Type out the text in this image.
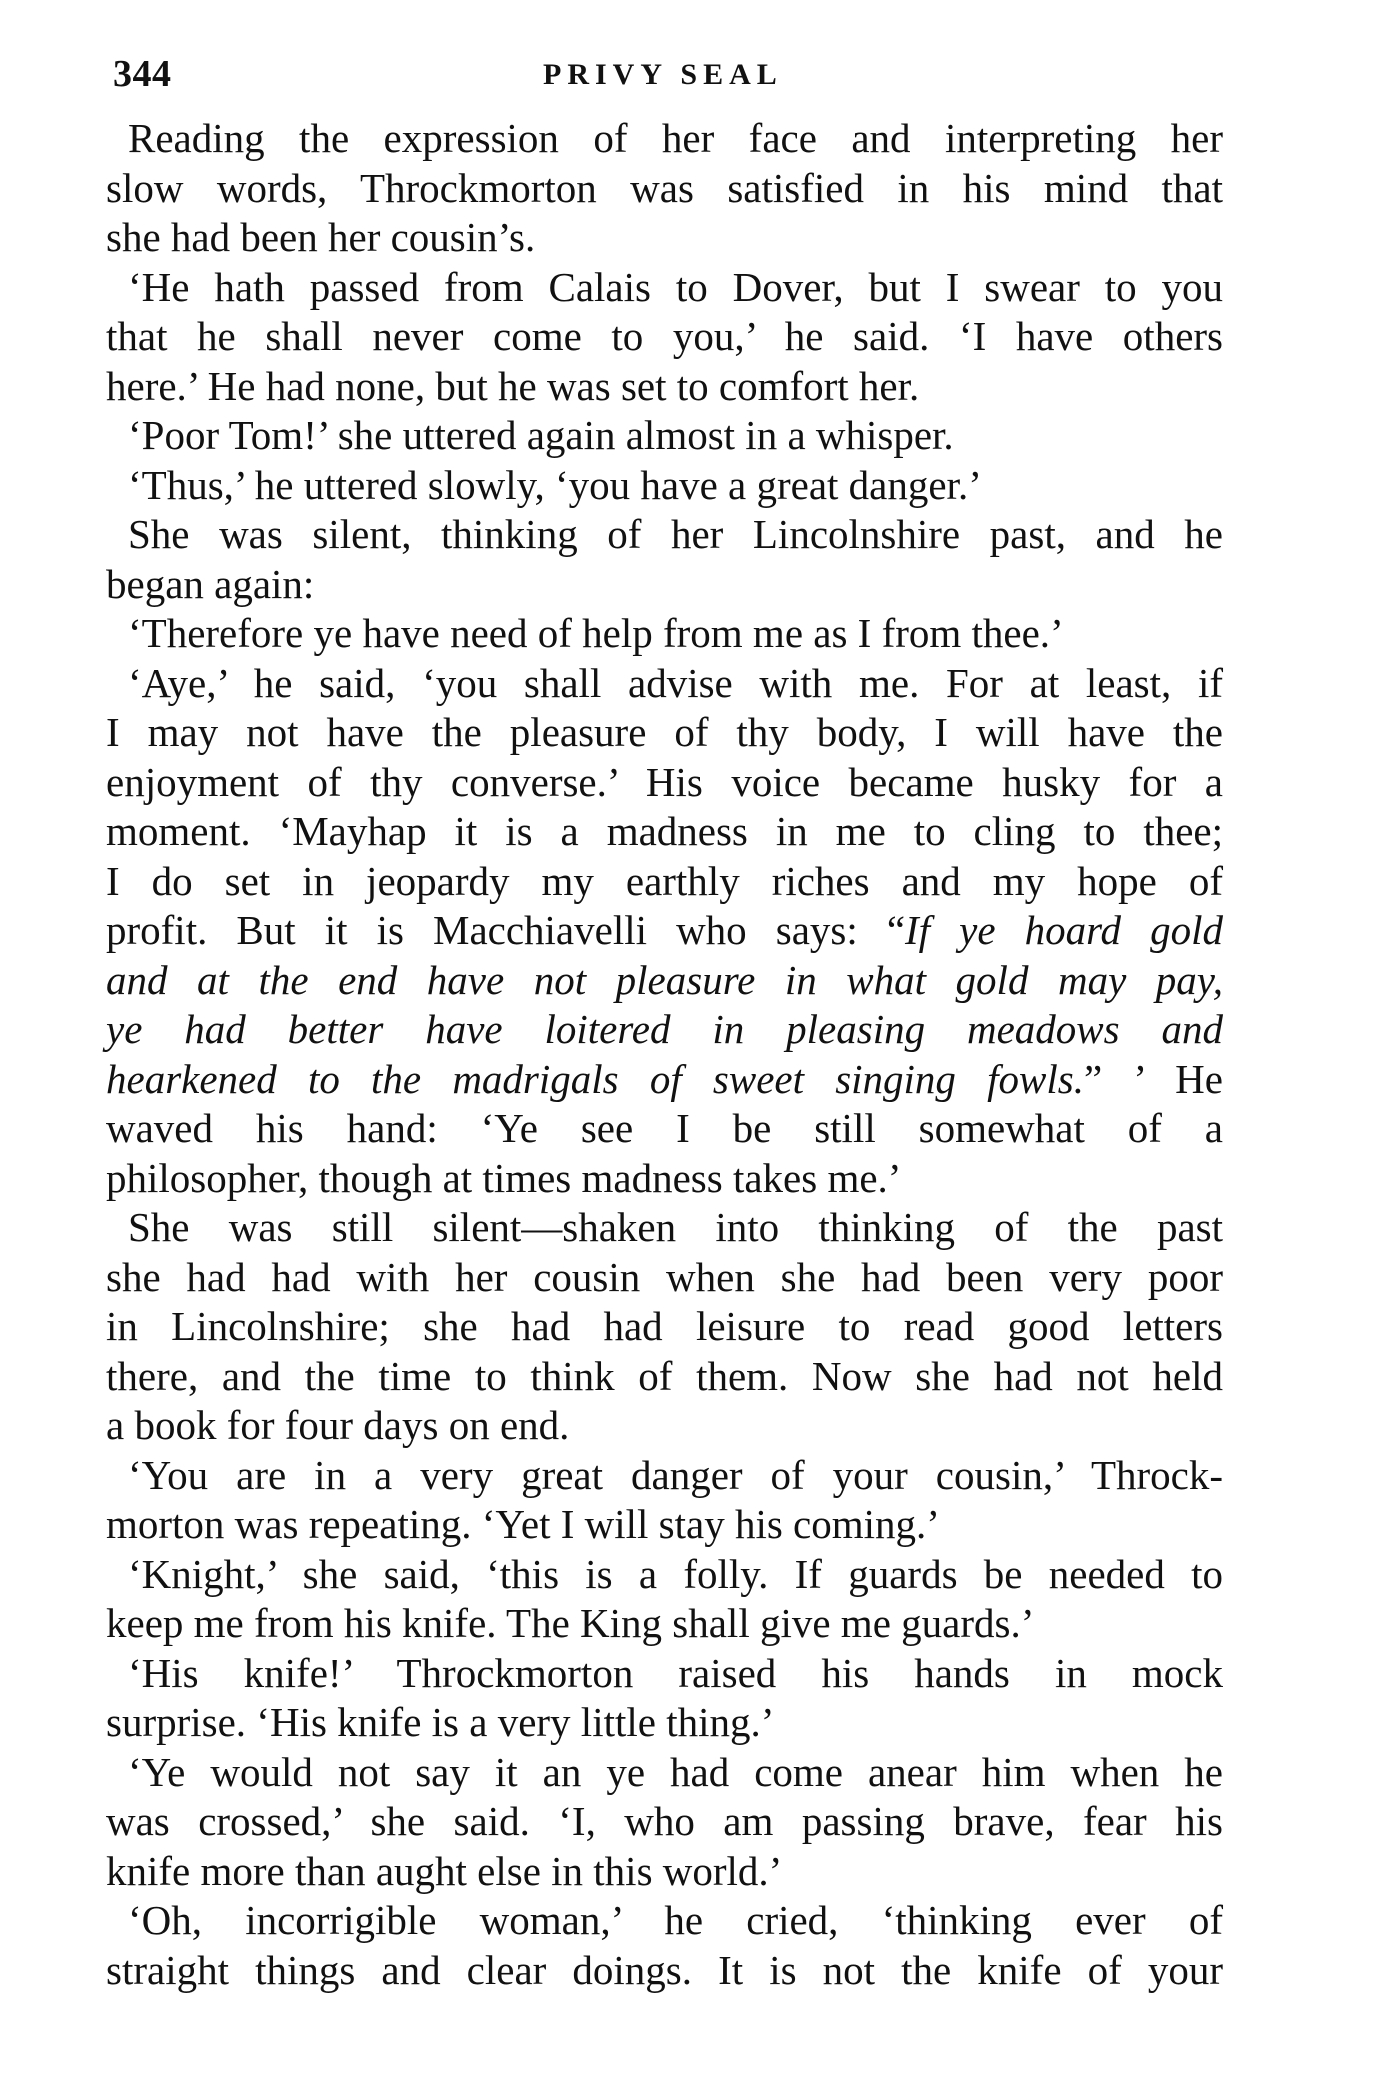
344	PRIVY SEAL
Reading the expression of her face and interpreting her
slow words, Throckmorton was satisfied in his mind that
she had been her cousin’s.
‘He hath passed from Calais to Dover, but I swear to you
that he shall never come to you,’ he said. ‘I have others
here.’ He had none, but he was set to comfort her.
‘Poor Tom!’ she uttered again almost in a whisper.
‘Thus,’ he uttered slowly, ‘you have a great danger.’
She was silent, thinking of her Lincolnshire past, and he
began again:
‘Therefore ye have need of help from me as I from thee.’
‘Aye,’ he said, ‘you shall advise with me. For at least, if
I may not have the pleasure of thy body, I will have the
enjoyment of thy converse.’ His voice became husky for a
moment. ‘Mayhap it is a madness in me to cling to thee;
I do set in jeopardy my earthly riches and my hope of
profit. But it is Macchiavelli who says: “If ye hoard gold
and at the end have not pleasure in what gold may pay,
ye had better have loitered in pleasing meadows and
hearkened to the madrigals of sweet singing fowls.” ’ He
waved his hand: ‘Ye see I be still somewhat of a
philosopher, though at times madness takes me.’
She was still silent—shaken into thinking of the past
she had had with her cousin when she had been very poor
in Lincolnshire; she had had leisure to read good letters
there, and the time to think of them. Now she had not held
a book for four days on end.
‘You are in a very great danger of your cousin,’ Throck-
morton was repeating. ‘Yet I will stay his coming.’
‘Knight,’ she said, ‘this is a folly. If guards be needed to
keep me from his knife. The King shall give me guards.’
‘His knife!’ Throckmorton raised his hands in mock
surprise. ‘His knife is a very little thing.’
‘Ye would not say it an ye had come anear him when he
was crossed,’ she said. ‘I, who am passing brave, fear his
knife more than aught else in this world.’
‘Oh, incorrigible woman,’ he cried, ‘thinking ever of
straight things and clear doings. It is not the knife of your
